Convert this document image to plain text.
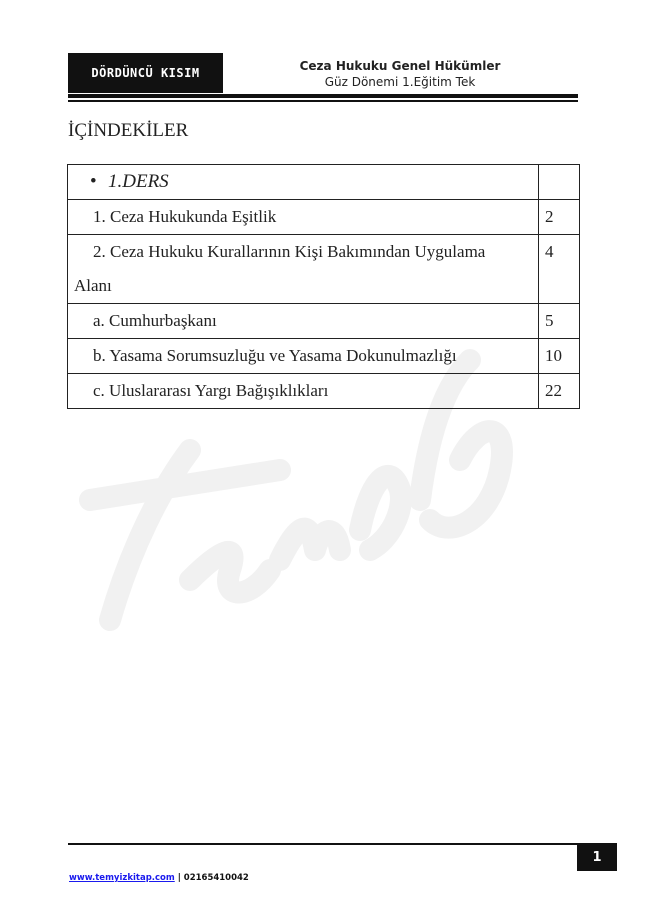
DÖRDÜNCÜ KISIM	Ceza Hukuku Genel Hükümler
Güz Dönemi 1.Eğitim Tek
İÇİNDEKİLER
• 1.DERS	
1. Ceza Hukukunda Eşitlik	2
2. Ceza Hukuku Kurallarının Kişi Bakımından Uygulama
Alanı	4
a. Cumhurbaşkanı	5
b. Yasama Sorumsuzluğu ve Yasama Dokunulmazlığı	10
c. Uluslararası Yargı Bağışıklıkları	22
1
www.temyizkitap.com | 02165410042
